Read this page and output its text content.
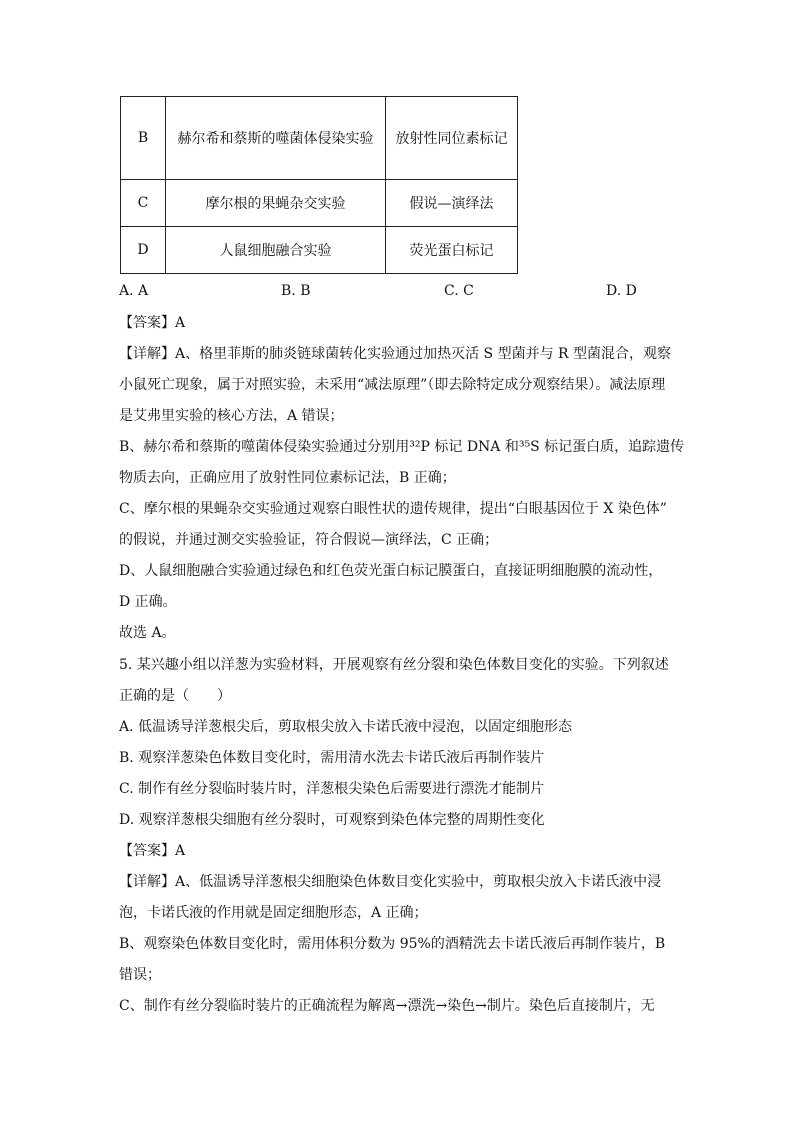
B	赫尔希和蔡斯的噬菌体侵染实验	放射性同位素标记
C	摩尔根的果蝇杂交实验	假说—演绎法
D	人鼠细胞融合实验	荧光蛋白标记
A. A	B. B	C. C	D. D
【答案】A
【详解】A、格里菲斯的肺炎链球菌转化实验通过加热灭活 S 型菌并与 R 型菌混合，观察
小鼠死亡现象，属于对照实验，未采用“减法原理”（即去除特定成分观察结果）。减法原理
是艾弗里实验的核心方法，A 错误；
B、赫尔希和蔡斯的噬菌体侵染实验通过分别用³²P 标记 DNA 和³⁵S 标记蛋白质，追踪遗传
物质去向，正确应用了放射性同位素标记法，B 正确；
C、摩尔根的果蝇杂交实验通过观察白眼性状的遗传规律，提出“白眼基因位于 X 染色体”
的假说，并通过测交实验验证，符合假说—演绎法，C 正确；
D、人鼠细胞融合实验通过绿色和红色荧光蛋白标记膜蛋白，直接证明细胞膜的流动性，
D 正确。
故选 A。
5. 某兴趣小组以洋葱为实验材料，开展观察有丝分裂和染色体数目变化的实验。下列叙述
正确的是（　　）
A. 低温诱导洋葱根尖后，剪取根尖放入卡诺氏液中浸泡，以固定细胞形态
B. 观察洋葱染色体数目变化时，需用清水洗去卡诺氏液后再制作装片
C. 制作有丝分裂临时装片时，洋葱根尖染色后需要进行漂洗才能制片
D. 观察洋葱根尖细胞有丝分裂时，可观察到染色体完整的周期性变化
【答案】A
【详解】A、低温诱导洋葱根尖细胞染色体数目变化实验中，剪取根尖放入卡诺氏液中浸
泡，卡诺氏液的作用就是固定细胞形态，A 正确；
B、观察染色体数目变化时，需用体积分数为 95%的酒精洗去卡诺氏液后再制作装片，B
错误；
C、制作有丝分裂临时装片的正确流程为解离→漂洗→染色→制片。染色后直接制片，无
